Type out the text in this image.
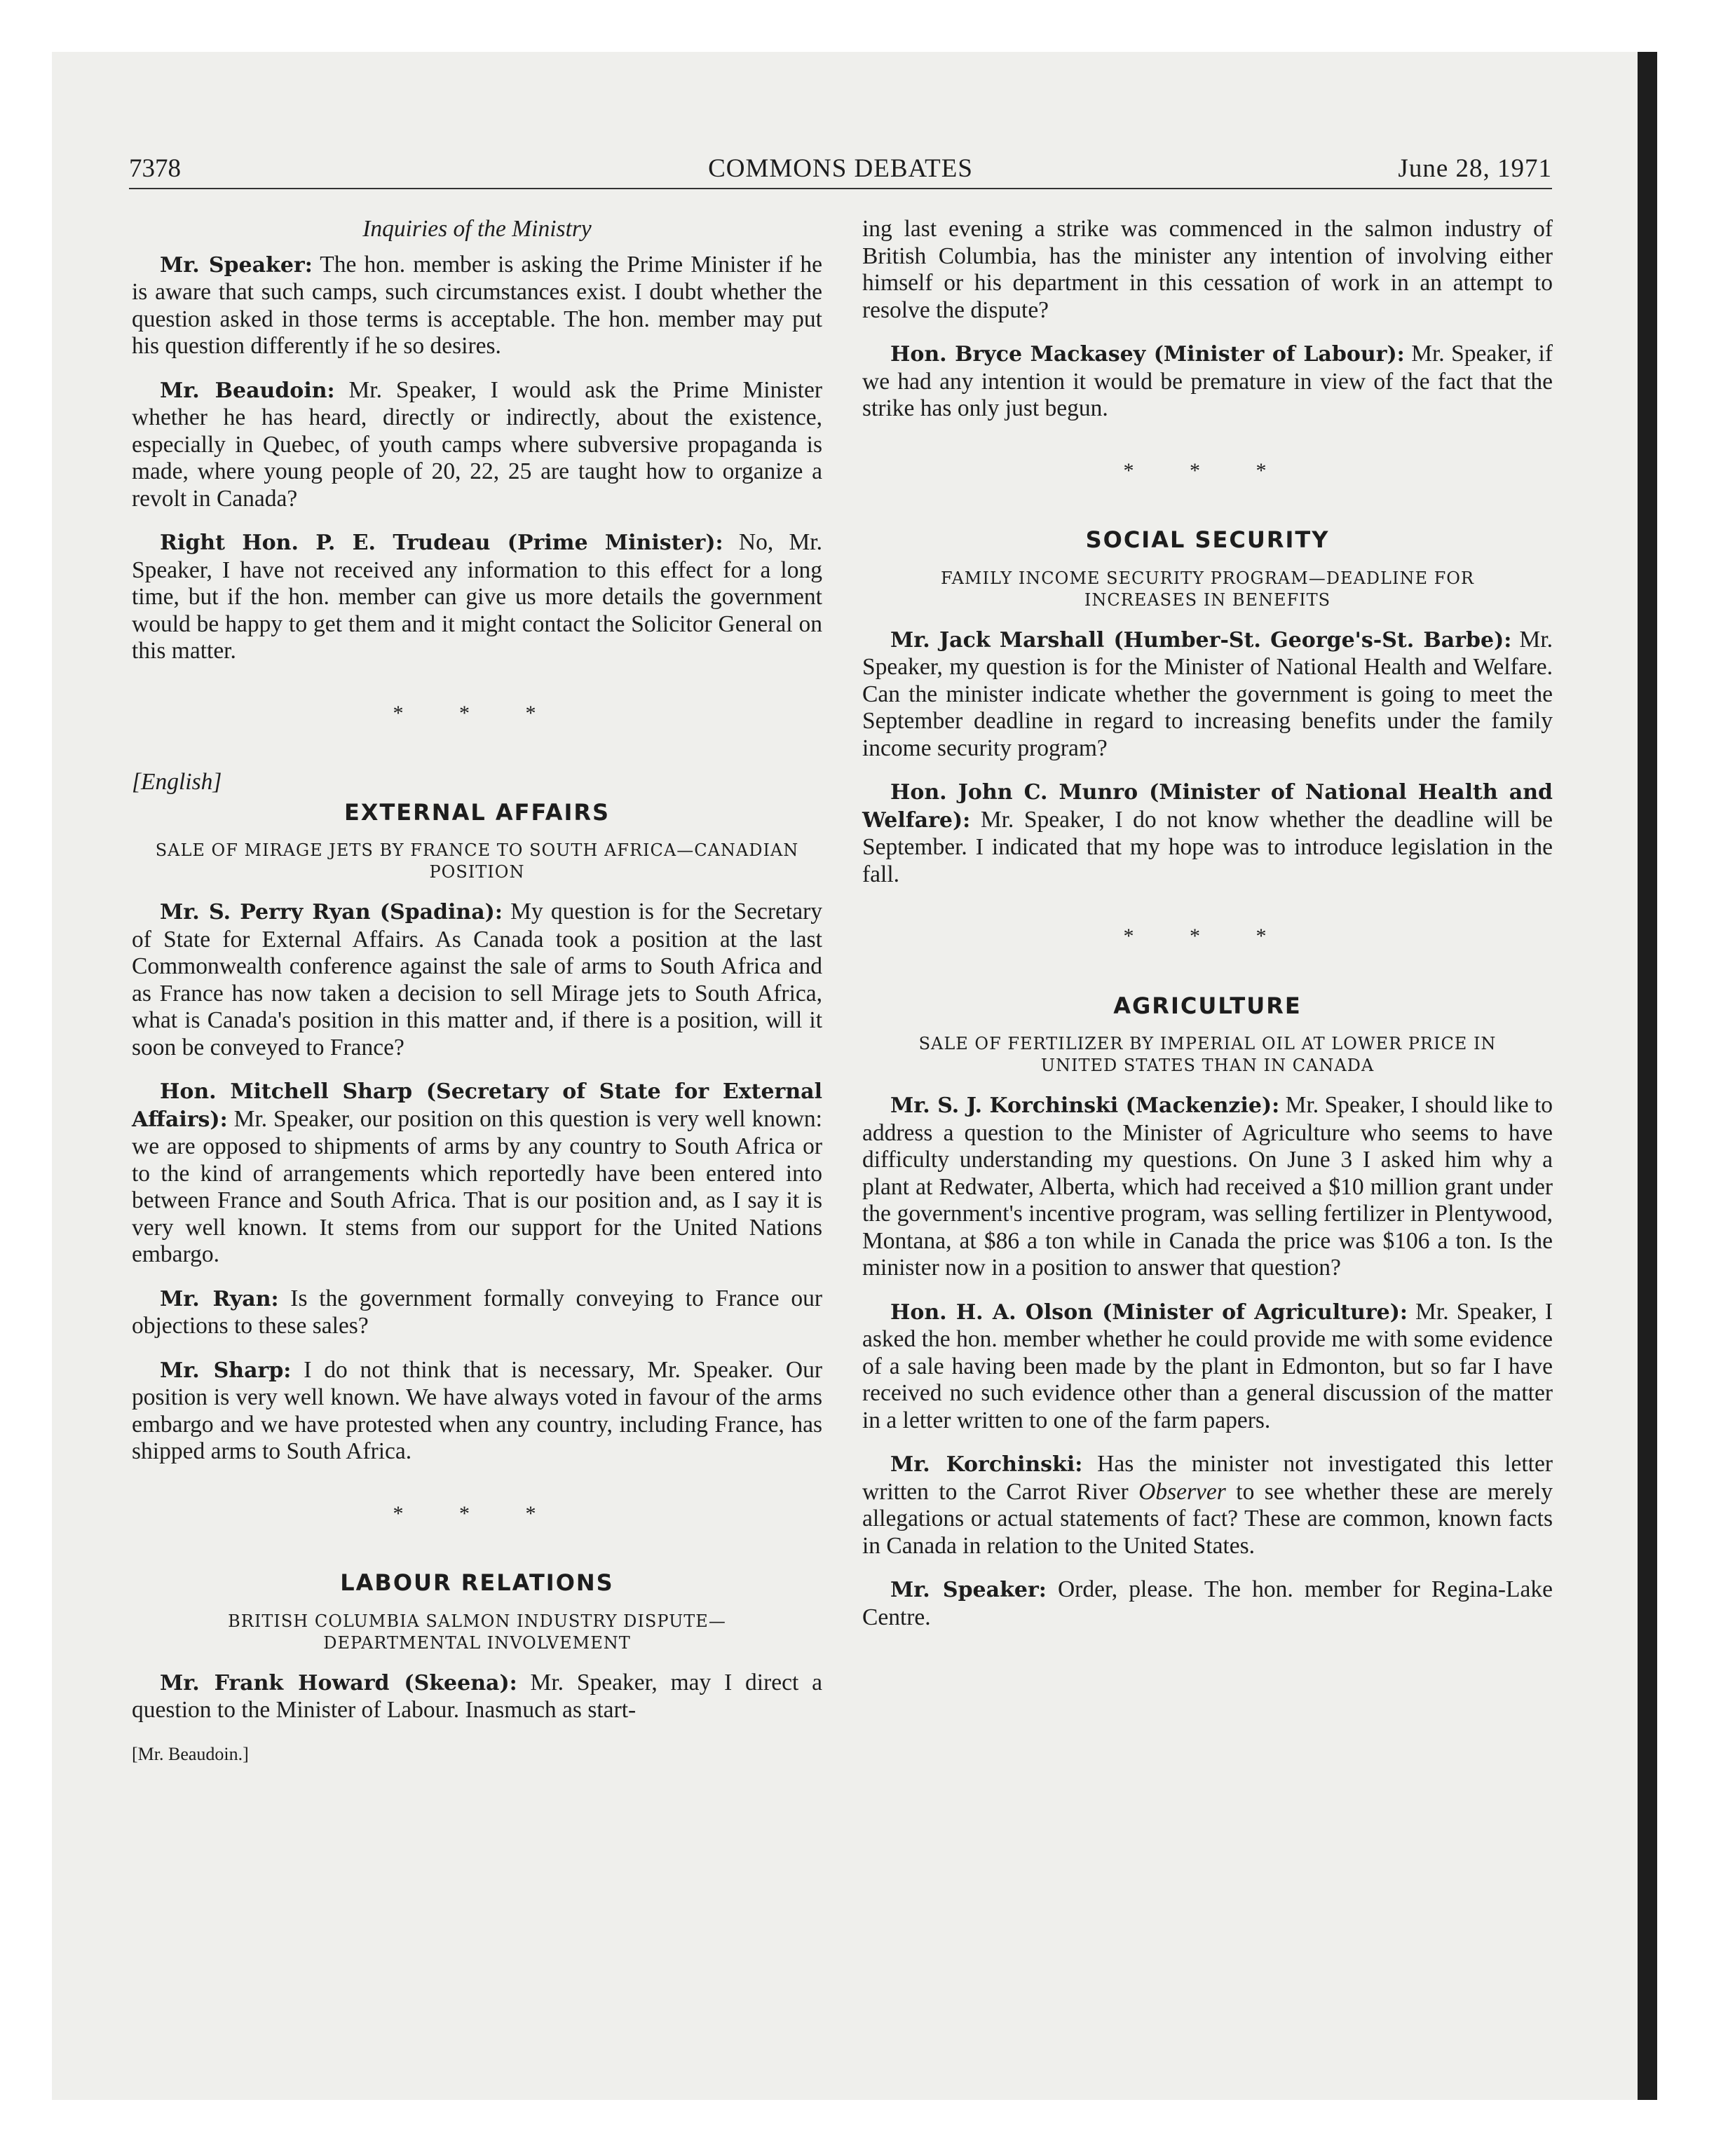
7378	COMMONS DEBATES	June 28, 1971
Inquiries of the Ministry

Mr. Speaker: The hon. member is asking the Prime Minister if he is aware that such camps, such circumstances exist. I doubt whether the question asked in those terms is acceptable. The hon. member may put his question differently if he so desires.

Mr. Beaudoin: Mr. Speaker, I would ask the Prime Minister whether he has heard, directly or indirectly, about the existence, especially in Quebec, of youth camps where subversive propaganda is made, where young people of 20, 22, 25 are taught how to organize a revolt in Canada?

Right Hon. P. E. Trudeau (Prime Minister): No, Mr. Speaker, I have not received any information to this effect for a long time, but if the hon. member can give us more details the government would be happy to get them and it might contact the Solicitor General on this matter.

* * *
[English]
EXTERNAL AFFAIRS
SALE OF MIRAGE JETS BY FRANCE TO SOUTH AFRICA—CANADIAN POSITION

Mr. S. Perry Ryan (Spadina): My question is for the Secretary of State for External Affairs. As Canada took a position at the last Commonwealth conference against the sale of arms to South Africa and as France has now taken a decision to sell Mirage jets to South Africa, what is Canada's position in this matter and, if there is a position, will it soon be conveyed to France?

Hon. Mitchell Sharp (Secretary of State for External Affairs): Mr. Speaker, our position on this question is very well known: we are opposed to shipments of arms by any country to South Africa or to the kind of arrangements which reportedly have been entered into between France and South Africa. That is our position and, as I say it is very well known. It stems from our support for the United Nations embargo.

Mr. Ryan: Is the government formally conveying to France our objections to these sales?

Mr. Sharp: I do not think that is necessary, Mr. Speaker. Our position is very well known. We have always voted in favour of the arms embargo and we have protested when any country, including France, has shipped arms to South Africa.

* * *
LABOUR RELATIONS
BRITISH COLUMBIA SALMON INDUSTRY DISPUTE—DEPARTMENTAL INVOLVEMENT

Mr. Frank Howard (Skeena): Mr. Speaker, may I direct a question to the Minister of Labour. Inasmuch as start-

[Mr. Beaudoin.]

ing last evening a strike was commenced in the salmon industry of British Columbia, has the minister any intention of involving either himself or his department in this cessation of work in an attempt to resolve the dispute?

Hon. Bryce Mackasey (Minister of Labour): Mr. Speaker, if we had any intention it would be premature in view of the fact that the strike has only just begun.

* * *
SOCIAL SECURITY
FAMILY INCOME SECURITY PROGRAM—DEADLINE FOR INCREASES IN BENEFITS

Mr. Jack Marshall (Humber-St. George's-St. Barbe): Mr. Speaker, my question is for the Minister of National Health and Welfare. Can the minister indicate whether the government is going to meet the September deadline in regard to increasing benefits under the family income security program?

Hon. John C. Munro (Minister of National Health and Welfare): Mr. Speaker, I do not know whether the deadline will be September. I indicated that my hope was to introduce legislation in the fall.

* * *
AGRICULTURE
SALE OF FERTILIZER BY IMPERIAL OIL AT LOWER PRICE IN UNITED STATES THAN IN CANADA

Mr. S. J. Korchinski (Mackenzie): Mr. Speaker, I should like to address a question to the Minister of Agriculture who seems to have difficulty understanding my questions. On June 3 I asked him why a plant at Redwater, Alberta, which had received a $10 million grant under the government's incentive program, was selling fertilizer in Plentywood, Montana, at $86 a ton while in Canada the price was $106 a ton. Is the minister now in a position to answer that question?

Hon. H. A. Olson (Minister of Agriculture): Mr. Speaker, I asked the hon. member whether he could provide me with some evidence of a sale having been made by the plant in Edmonton, but so far I have received no such evidence other than a general discussion of the matter in a letter written to one of the farm papers.

Mr. Korchinski: Has the minister not investigated this letter written to the Carrot River Observer to see whether these are merely allegations or actual statements of fact? These are common, known facts in Canada in relation to the United States.

Mr. Speaker: Order, please. The hon. member for Regina-Lake Centre.
